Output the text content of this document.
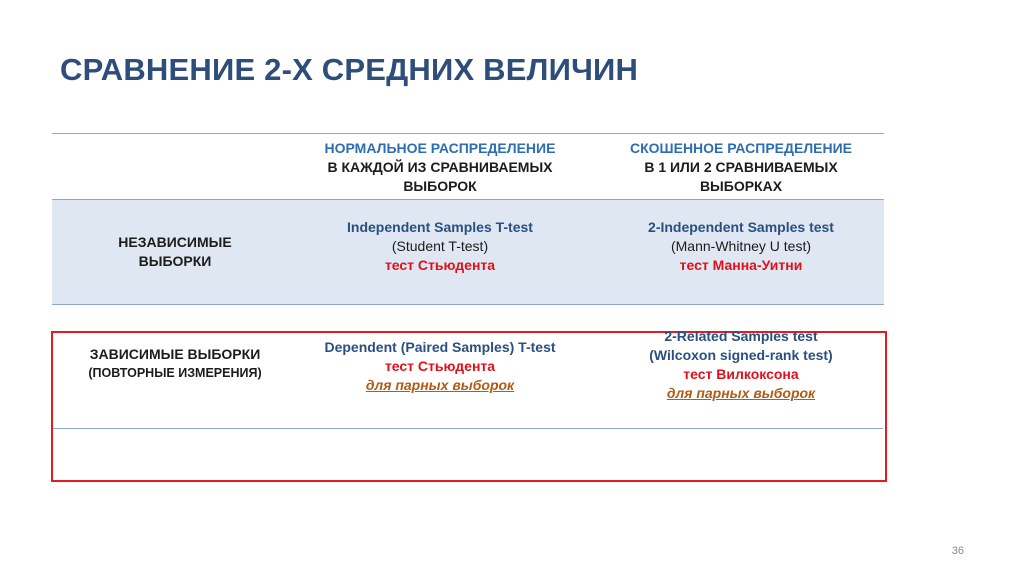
СРАВНЕНИЕ 2-Х СРЕДНИХ ВЕЛИЧИН
НОРМАЛЬНОЕ РАСПРЕДЕЛЕНИЕ
В КАЖДОЙ ИЗ СРАВНИВАЕМЫХ
ВЫБОРОК
СКОШЕННОЕ РАСПРЕДЕЛЕНИЕ
В 1 ИЛИ 2 СРАВНИВАЕМЫХ
ВЫБОРКАХ
НЕЗАВИСИМЫЕ
ВЫБОРКИ
Independent Samples T-test
(Student T-test)
тест Стьюдента
2-Independent Samples test
(Mann-Whitney U test)
тест Манна-Уитни
ЗАВИСИМЫЕ ВЫБОРКИ
(ПОВТОРНЫЕ ИЗМЕРЕНИЯ)
Dependent (Paired Samples) T-test
тест Стьюдента
для парных выборок
2-Related Samples test
(Wilcoxon signed-rank test)
тест Вилкоксона
для парных выборок
36
